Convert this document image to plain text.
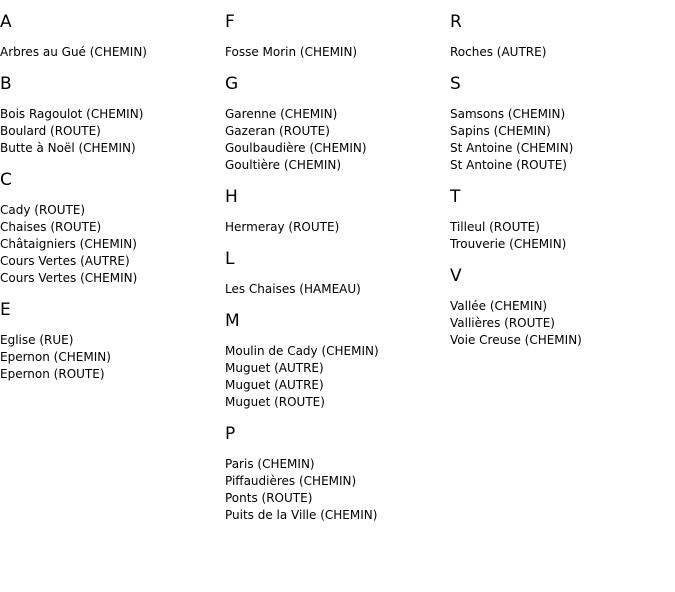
A
Arbres au Gué (CHEMIN)
B
Bois Ragoulot (CHEMIN)
Boulard (ROUTE)
Butte à Noël (CHEMIN)
C
Cady (ROUTE)
Chaises (ROUTE)
Châtaigniers (CHEMIN)
Cours Vertes (AUTRE)
Cours Vertes (CHEMIN)
E
Eglise (RUE)
Epernon (CHEMIN)
Epernon (ROUTE)
F
Fosse Morin (CHEMIN)
G
Garenne (CHEMIN)
Gazeran (ROUTE)
Goulbaudière (CHEMIN)
Goultière (CHEMIN)
H
Hermeray (ROUTE)
L
Les Chaises (HAMEAU)
M
Moulin de Cady (CHEMIN)
Muguet (AUTRE)
Muguet (AUTRE)
Muguet (ROUTE)
P
Paris (CHEMIN)
Piffaudières (CHEMIN)
Ponts (ROUTE)
Puits de la Ville (CHEMIN)
R
Roches (AUTRE)
S
Samsons (CHEMIN)
Sapins (CHEMIN)
St Antoine (CHEMIN)
St Antoine (ROUTE)
T
Tilleul (ROUTE)
Trouverie (CHEMIN)
V
Vallée (CHEMIN)
Vallières (ROUTE)
Voie Creuse (CHEMIN)
